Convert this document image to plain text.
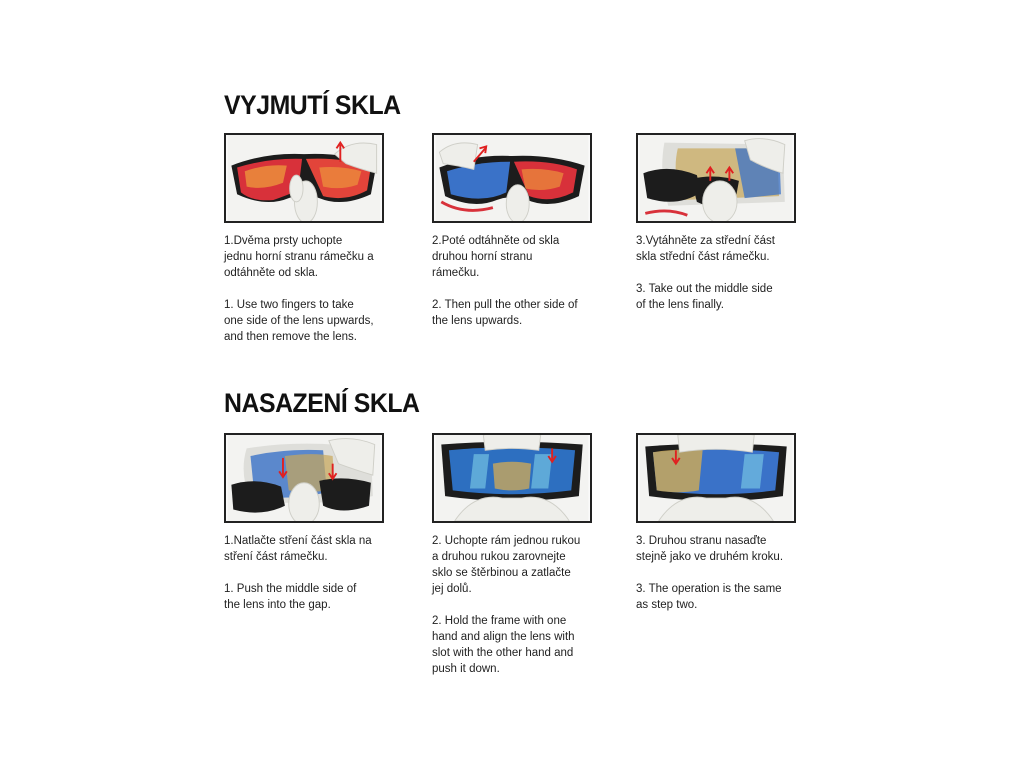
VYJMUTÍ SKLA

1.Dvěma prsty uchopte
jednu horní stranu rámečku a
odtáhněte od skla.

1. Use two fingers to take
one side of the lens upwards,
and then remove the lens.

2.Poté odtáhněte od skla
druhou horní stranu
rámečku.

2. Then pull the other side of
the lens upwards.

3.Vytáhněte za střední část
skla střední část rámečku.

3. Take out the middle side
of the lens finally.

NASAZENÍ SKLA

1.Natlačte stření část skla na
stření část rámečku.

1. Push the middle side of
the lens into the gap.

2. Uchopte rám jednou rukou
a druhou rukou zarovnejte
sklo se štěrbinou a zatlačte
jej dolů.

2. Hold the frame with one
hand and align the lens with
slot with the other hand and
push it down.

3. Druhou stranu nasaďte
stejně jako ve druhém kroku.

3. The operation is the same
as step two.
